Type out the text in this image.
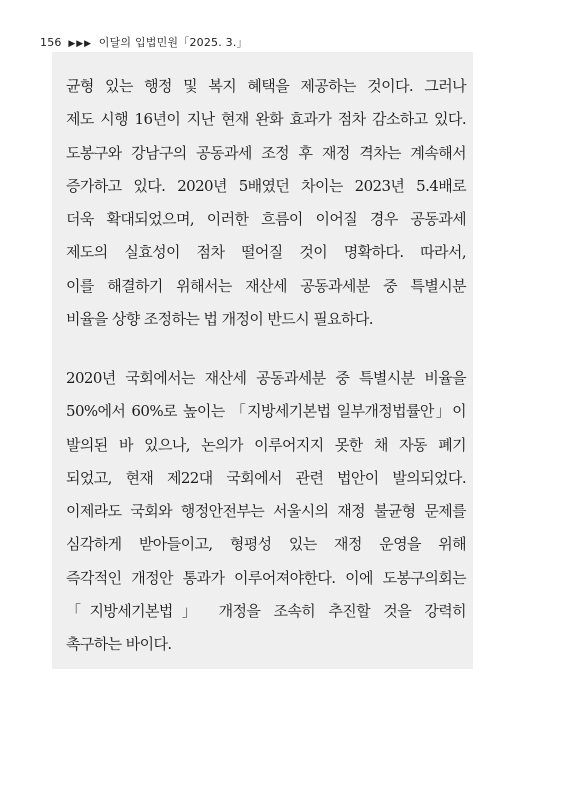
156 ▶▶▶ 이달의 입법민원「2025. 3.」
균형 있는 행정 및 복지 혜택을 제공하는 것이다. 그러나
제도 시행 16년이 지난 현재 완화 효과가 점차 감소하고 있다.
도봉구와 강남구의 공동과세 조정 후 재정 격차는 계속해서
증가하고 있다. 2020년 5배였던 차이는 2023년 5.4배로
더욱 확대되었으며, 이러한 흐름이 이어질 경우 공동과세
제도의 실효성이 점차 떨어질 것이 명확하다. 따라서,
이를 해결하기 위해서는 재산세 공동과세분 중 특별시분
비율을 상향 조정하는 법 개정이 반드시 필요하다.
2020년 국회에서는 재산세 공동과세분 중 특별시분 비율을
50%에서 60%로 높이는 「지방세기본법 일부개정법률안」이
발의된 바 있으나, 논의가 이루어지지 못한 채 자동 폐기
되었고, 현재 제22대 국회에서 관련 법안이 발의되었다.
이제라도 국회와 행정안전부는 서울시의 재정 불균형 문제를
심각하게 받아들이고, 형평성 있는 재정 운영을 위해
즉각적인 개정안 통과가 이루어져야한다. 이에 도봉구의회는
「지방세기본법」 개정을 조속히 추진할 것을 강력히
촉구하는 바이다.
